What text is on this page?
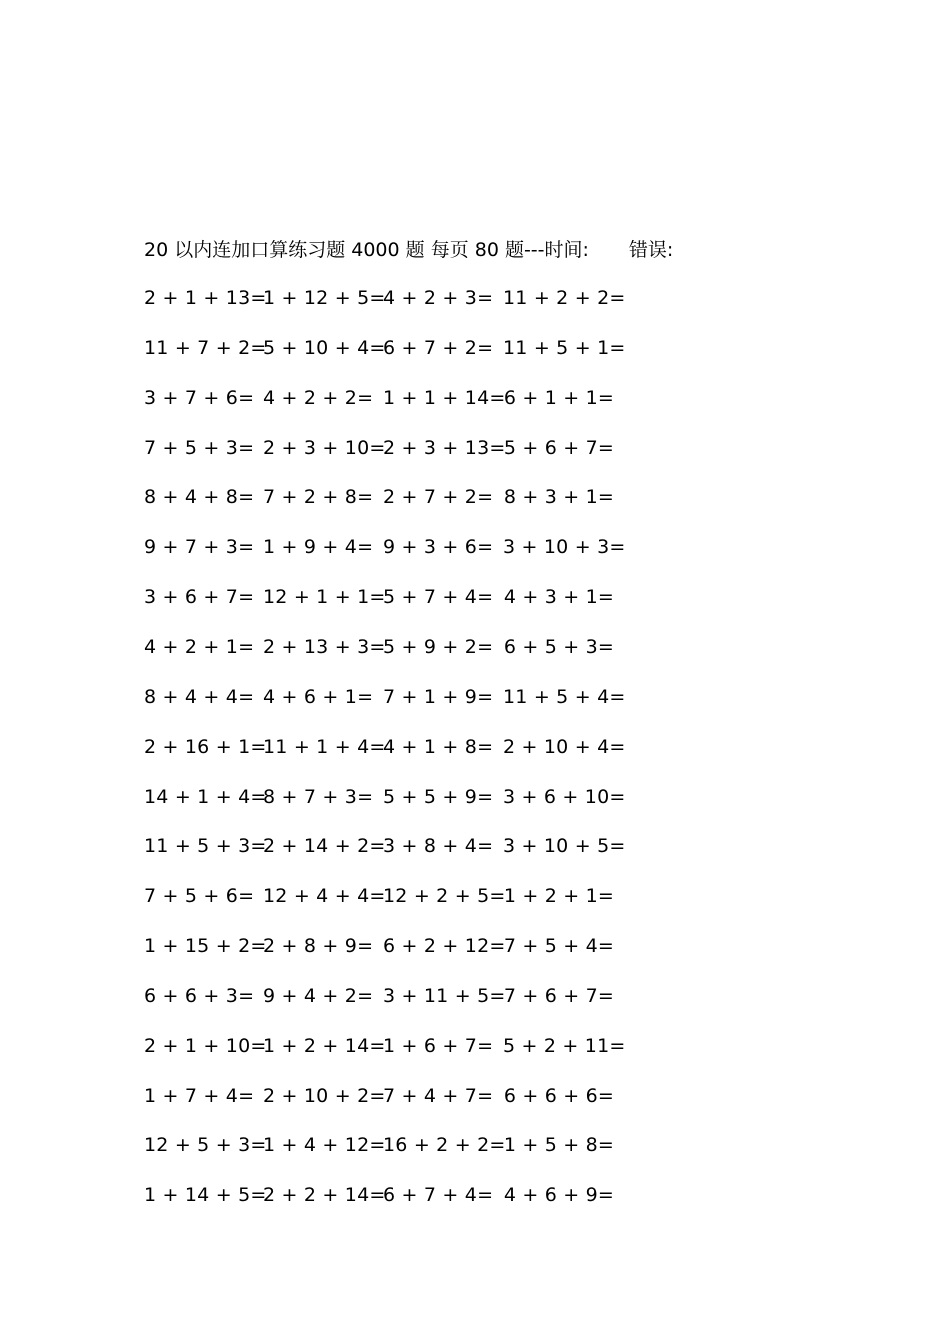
20 以内连加口算练习题 4000 题 每页 80 题---时间: 错误:
2 + 1 + 13=
1 + 12 + 5=
4 + 2 + 3= 11 + 2 + 2=
11 + 7 + 2=
5 + 10 + 4=
6 + 7 + 2= 11 + 5 + 1=
3 + 7 + 6= 4 + 2 + 2= 1 + 1 + 14=
6 + 1 + 1=
7 + 5 + 3= 2 + 3 + 10=
2 + 3 + 13=
5 + 6 + 7=
8 + 4 + 8= 7 + 2 + 8= 2 + 7 + 2= 8 + 3 + 1=
9 + 7 + 3= 1 + 9 + 4= 9 + 3 + 6= 3 + 10 + 3=
3 + 6 + 7= 12 + 1 + 1=
5 + 7 + 4= 4 + 3 + 1=
4 + 2 + 1= 2 + 13 + 3=
5 + 9 + 2= 6 + 5 + 3=
8 + 4 + 4= 4 + 6 + 1= 7 + 1 + 9= 11 + 5 + 4=
2 + 16 + 1=
11 + 1 + 4=
4 + 1 + 8= 2 + 10 + 4=
14 + 1 + 4=
8 + 7 + 3= 5 + 5 + 9= 3 + 6 + 10=
11 + 5 + 3=
2 + 14 + 2=
3 + 8 + 4= 3 + 10 + 5=
7 + 5 + 6= 12 + 4 + 4=
12 + 2 + 5=
1 + 2 + 1=
1 + 15 + 2=
2 + 8 + 9= 6 + 2 + 12=
7 + 5 + 4=
6 + 6 + 3= 9 + 4 + 2= 3 + 11 + 5=
7 + 6 + 7=
2 + 1 + 10=
1 + 2 + 14=
1 + 6 + 7= 5 + 2 + 11=
1 + 7 + 4= 2 + 10 + 2=
7 + 4 + 7= 6 + 6 + 6=
12 + 5 + 3=
1 + 4 + 12=
16 + 2 + 2=
1 + 5 + 8=
1 + 14 + 5=
2 + 2 + 14=
6 + 7 + 4= 4 + 6 + 9=
